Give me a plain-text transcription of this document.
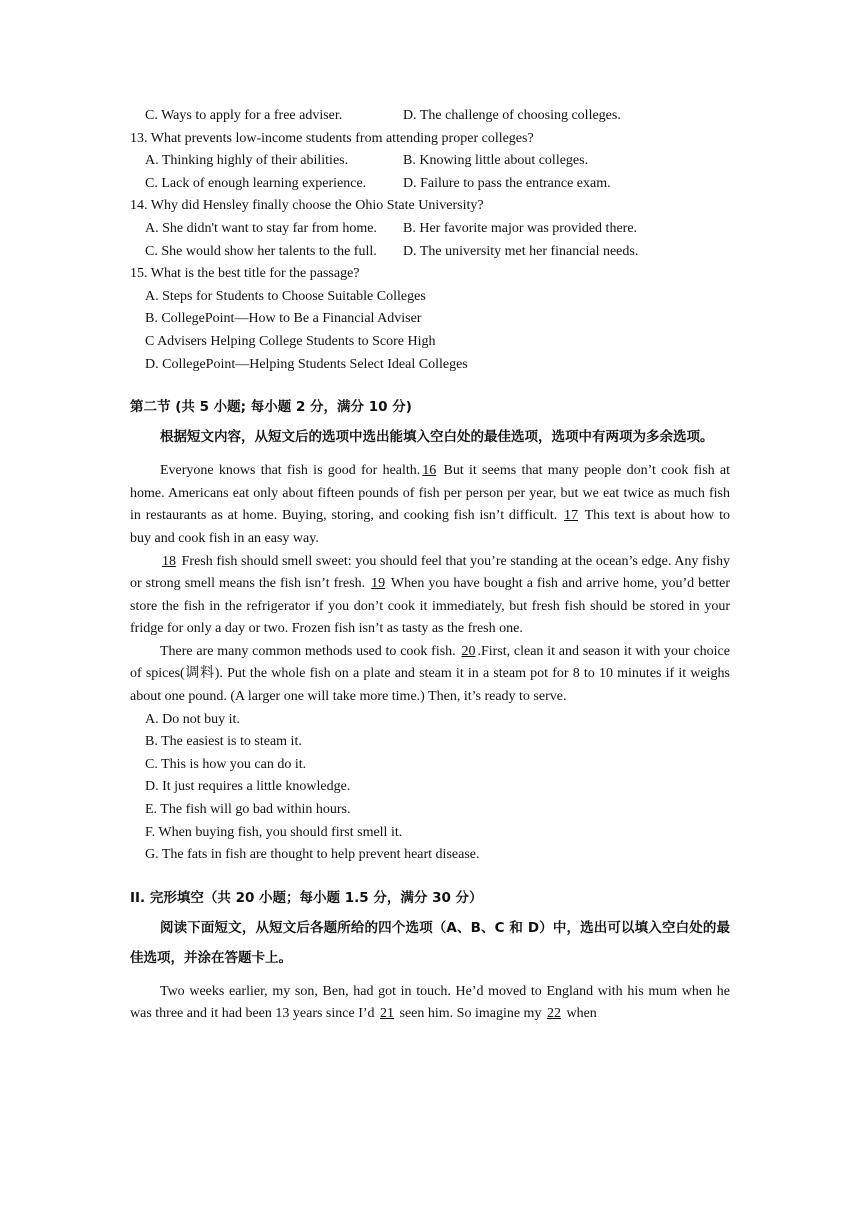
C. Ways to apply for a free adviser.	D. The challenge of choosing colleges.
13. What prevents low-income students from attending proper colleges?
A. Thinking highly of their abilities.	B. Knowing little about colleges.
C. Lack of enough learning experience.	D. Failure to pass the entrance exam.
14. Why did Hensley finally choose the Ohio State University?
A. She didn't want to stay far from home.	B. Her favorite major was provided there.
C. She would show her talents to the full.	D. The university met her financial needs.
15. What is the best title for the passage?
A. Steps for Students to Choose Suitable Colleges
B. CollegePoint—How to Be a Financial Adviser
C Advisers Helping College Students to Score High
D. CollegePoint—Helping Students Select Ideal Colleges
第二节 (共 5 小题; 每小题 2 分，满分 10 分)
根据短文内容，从短文后的选项中选出能填入空白处的最佳选项，选项中有两项为多余选项。
Everyone knows that fish is good for health. 16 But it seems that many people don’t cook fish at home. Americans eat only about fifteen pounds of fish per person per year, but we eat twice as much fish in restaurants as at home. Buying, storing, and cooking fish isn’t difficult. 17 This text is about how to buy and cook fish in an easy way.
18 Fresh fish should smell sweet: you should feel that you’re standing at the ocean’s edge. Any fishy or strong smell means the fish isn’t fresh. 19 When you have bought a fish and arrive home, you’d better store the fish in the refrigerator if you don’t cook it immediately, but fresh fish should be stored in your fridge for only a day or two. Frozen fish isn’t as tasty as the fresh one.
There are many common methods used to cook fish. 20 .First, clean it and season it with your choice of spices(调料). Put the whole fish on a plate and steam it in a steam pot for 8 to 10 minutes if it weighs about one pound. (A larger one will take more time.) Then, it’s ready to serve.
A. Do not buy it.
B. The easiest is to steam it.
C. This is how you can do it.
D. It just requires a little knowledge.
E. The fish will go bad within hours.
F. When buying fish, you should first smell it.
G. The fats in fish are thought to help prevent heart disease.
II. 完形填空（共 20 小题；每小题 1.5 分，满分 30 分）
阅读下面短文，从短文后各题所给的四个选项（A、B、C 和 D）中，选出可以填入空白处的最佳选项，并涂在答题卡上。
Two weeks earlier, my son, Ben, had got in touch. He’d moved to England with his mum when he was three and it had been 13 years since I’d 21 seen him. So imagine my 22 when
